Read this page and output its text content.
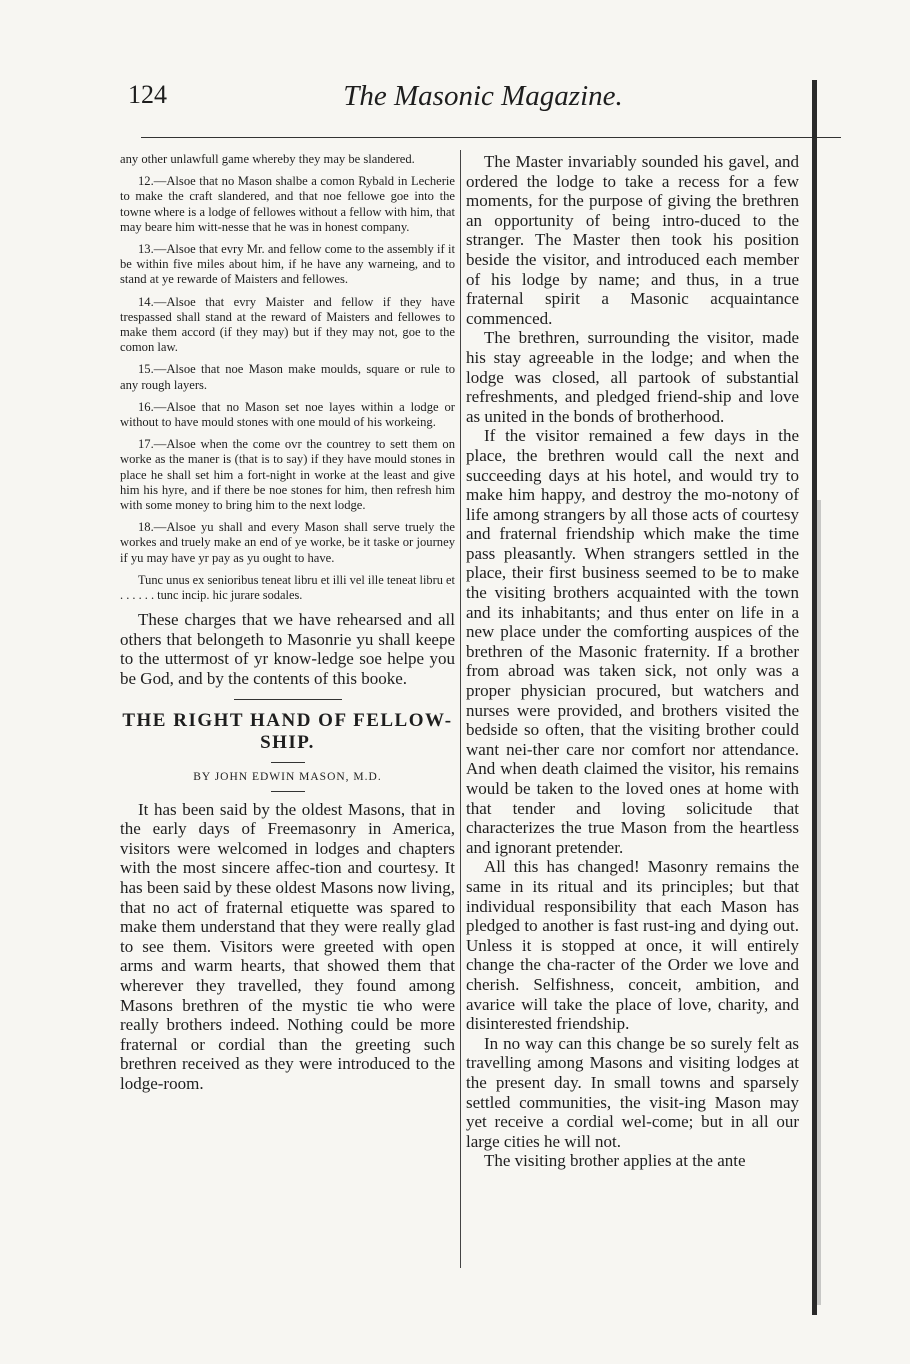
124	The Masonic Magazine.

any other unlawfull game whereby they may be slandered.

12.—Alsoe that no Mason shalbe a comon Rybald in Lecherie to make the craft slandered, and that noe fellowe goe into the towne where is a lodge of fellowes without a fellow with him, that may beare him witt-nesse that he was in honest company.

13.—Alsoe that evry Mr. and fellow come to the assembly if it be within five miles about him, if he have any warneing, and to stand at ye rewarde of Maisters and fellowes.

14.—Alsoe that evry Maister and fellow if they have trespassed shall stand at the reward of Maisters and fellowes to make them accord (if they may) but if they may not, goe to the comon law.

15.—Alsoe that noe Mason make moulds, square or rule to any rough layers.

16.—Alsoe that no Mason set noe layes within a lodge or without to have mould stones with one mould of his workeing.

17.—Alsoe when the come ovr the countrey to sett them on worke as the maner is (that is to say) if they have mould stones in place he shall set him a fort-night in worke at the least and give him his hyre, and if there be noe stones for him, then refresh him with some money to bring him to the next lodge.

18.—Alsoe yu shall and every Mason shall serve truely the workes and truely make an end of ye worke, be it taske or journey if yu may have yr pay as yu ought to have.

Tunc unus ex senioribus teneat libru et illi vel ille teneat libru et . . . . . . tunc incip. hic jurare sodales.

These charges that we have rehearsed and all others that belongeth to Masonrie yu shall keepe to the uttermost of yr know-ledge soe helpe you be God, and by the contents of this booke.

THE RIGHT HAND OF FELLOW-SHIP.
BY JOHN EDWIN MASON, M.D.

It has been said by the oldest Masons, that in the early days of Freemasonry in America, visitors were welcomed in lodges and chapters with the most sincere affec-tion and courtesy. It has been said by these oldest Masons now living, that no act of fraternal etiquette was spared to make them understand that they were really glad to see them. Visitors were greeted with open arms and warm hearts, that showed them that wherever they travelled, they found among Masons brethren of the mystic tie who were really brothers indeed. Nothing could be more fraternal or cordial than the greeting such brethren received as they were introduced to the lodge-room.

The Master invariably sounded his gavel, and ordered the lodge to take a recess for a few moments, for the purpose of giving the brethren an opportunity of being intro-duced to the stranger. The Master then took his position beside the visitor, and introduced each member of his lodge by name; and thus, in a true fraternal spirit a Masonic acquaintance commenced.

The brethren, surrounding the visitor, made his stay agreeable in the lodge; and when the lodge was closed, all partook of substantial refreshments, and pledged friend-ship and love as united in the bonds of brotherhood.

If the visitor remained a few days in the place, the brethren would call the next and succeeding days at his hotel, and would try to make him happy, and destroy the mo-notony of life among strangers by all those acts of courtesy and fraternal friendship which make the time pass pleasantly. When strangers settled in the place, their first business seemed to be to make the visiting brothers acquainted with the town and its inhabitants; and thus enter on life in a new place under the comforting auspices of the brethren of the Masonic fraternity. If a brother from abroad was taken sick, not only was a proper physician procured, but watchers and nurses were provided, and brothers visited the bedside so often, that the visiting brother could want nei-ther care nor comfort nor attendance. And when death claimed the visitor, his remains would be taken to the loved ones at home with that tender and loving solicitude that characterizes the true Mason from the heartless and ignorant pretender.

All this has changed! Masonry remains the same in its ritual and its principles; but that individual responsibility that each Mason has pledged to another is fast rust-ing and dying out. Unless it is stopped at once, it will entirely change the cha-racter of the Order we love and cherish. Selfishness, conceit, ambition, and avarice will take the place of love, charity, and disinterested friendship.

In no way can this change be so surely felt as travelling among Masons and visiting lodges at the present day. In small towns and sparsely settled communities, the visit-ing Mason may yet receive a cordial wel-come; but in all our large cities he will not.

The visiting brother applies at the ante
